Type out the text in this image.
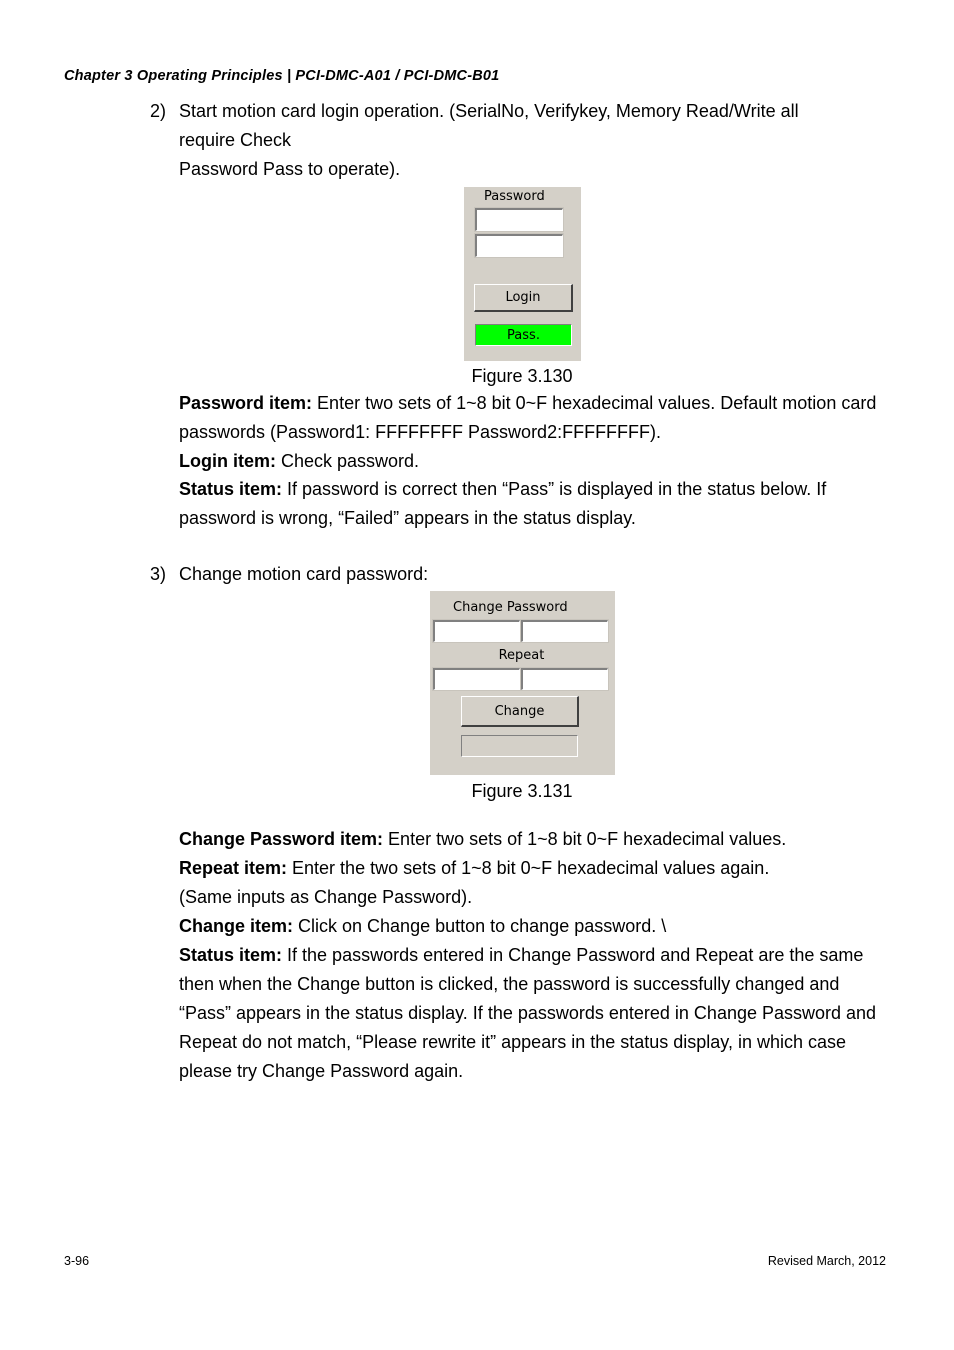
Chapter 3 Operating Principles | PCI-DMC-A01 / PCI-DMC-B01
2) Start motion card login operation. (SerialNo, Verifykey, Memory Read/Write all
require Check
Password Pass to operate).
Password
Login
Pass.
Figure 3.130
Password item: Enter two sets of 1~8 bit 0~F hexadecimal values. Default motion card passwords (Password1: FFFFFFFF Password2:FFFFFFFF).
Login item: Check password.
Status item: If password is correct then “Pass” is displayed in the status below. If password is wrong, “Failed” appears in the status display.
3) Change motion card password:
Change Password
Repeat
Change
Figure 3.131
Change Password item: Enter two sets of 1~8 bit 0~F hexadecimal values.
Repeat item: Enter the two sets of 1~8 bit 0~F hexadecimal values again.
(Same inputs as Change Password).
Change item: Click on Change button to change password. \
Status item: If the passwords entered in Change Password and Repeat are the same then when the Change button is clicked, the password is successfully changed and “Pass” appears in the status display. If the passwords entered in Change Password and Repeat do not match, “Please rewrite it” appears in the status display, in which case please try Change Password again.
3-96	Revised March, 2012
